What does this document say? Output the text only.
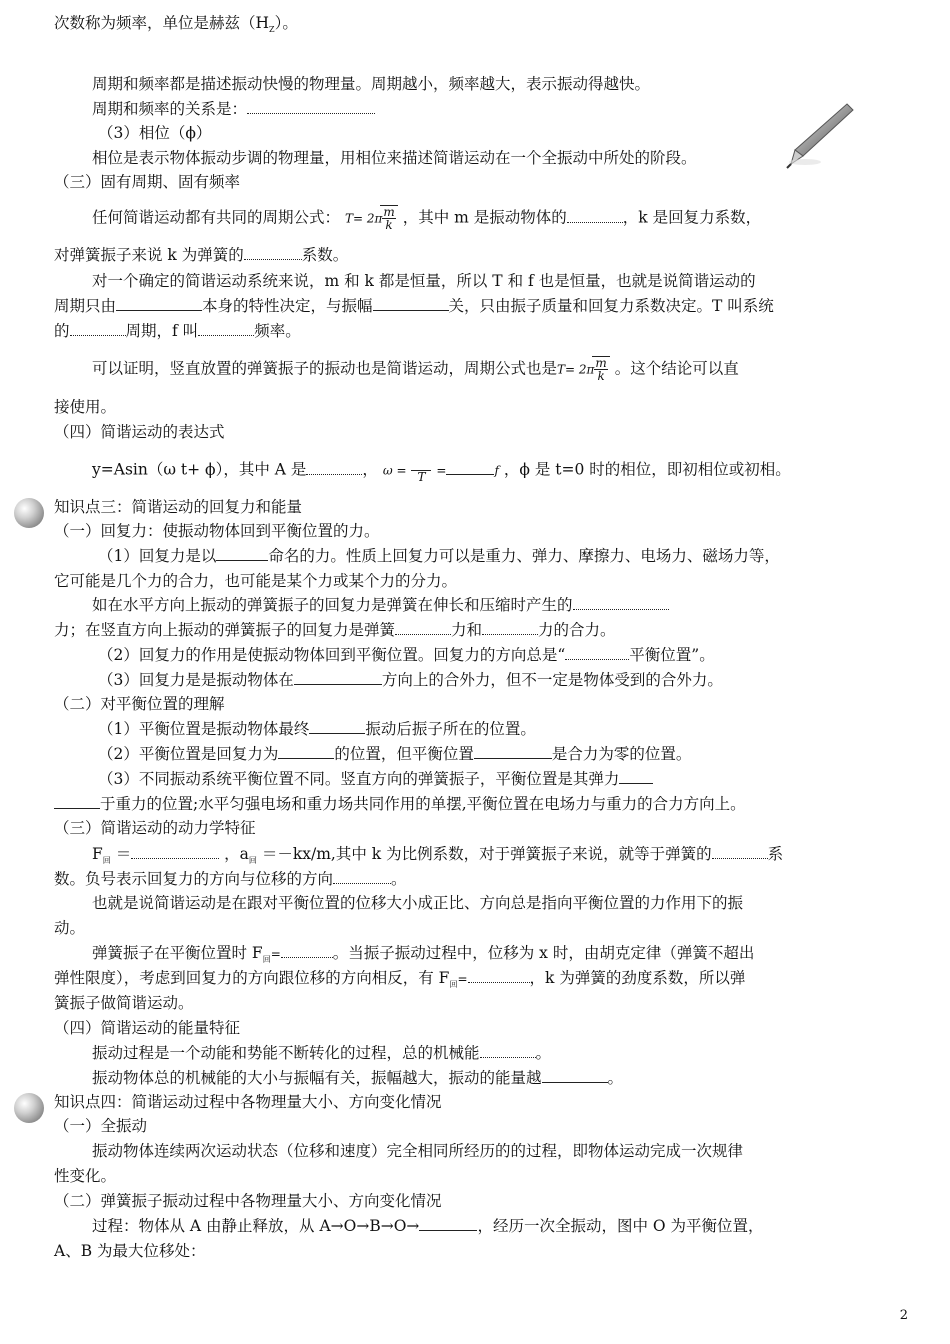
次数称为频率，单位是赫兹$(H_Z)$。
周期和频率都是描述振动快慢的物理量。周期越小，频率越大，表示振动得越快。
周期和频率的关系是：
（3）相位（ϕ）
相位是表示物体振动步调的物理量，用相位来描述简谐运动在一个全振动中所处的阶段。
（三）固有周期、固有频率
任何简谐运动都有共同的周期公式： $T= 2\pi \frac{m}{k}$ ，其中 m 是振动物体的	，k 是回复力系数，
对弹簧振子来说 k 为弹簧的	系数。
对一个确定的简谐运动系统来说，m 和 k 都是恒量，所以 T 和 f 也是恒量，也就是说简谐运动的
周期只由	本身的特性决定，与振幅	关，只由振子质量和回复力系数决定。T 叫系统
的	周期，f 叫	频率。
可以证明，竖直放置的弹簧振子的振动也是简谐运动，周期公式也是$T= 2\pi \frac{m}{k}$ 。这个结论可以直
接使用。
（四）简谐运动的表达式
y=Asin（ω t+ ϕ），其中 A 是	， ω =
T =	f ，ϕ 是 t=0 时的相位，即初相位或初相。
知识点三：简谐运动的回复力和能量
（一）回复力：使振动物体回到平衡位置的力。
（1）回复力是以	命名的力。性质上回复力可以是重力、弹力、摩擦力、电场力、磁场力等，
它可能是几个力的合力，也可能是某个力或某个力的分力。
如在水平方向上振动的弹簧振子的回复力是弹簧在伸长和压缩时产生的
力；在竖直方向上振动的弹簧振子的回复力是弹簧	力和	力的合力。
（2）回复力的作用是使振动物体回到平衡位置。回复力的方向总是“	平衡位置”。
（3）回复力是是振动物体在	方向上的合外力，但不一定是物体受到的合外力。
（二）对平衡位置的理解
（1）平衡位置是振动物体最终	振动后振子所在的位置。
（2）平衡位置是回复力为	的位置，但平衡位置	是合力为零的位置。
（3）不同振动系统平衡位置不同。竖直方向的弹簧振子，平衡位置是其弹力
于重力的位置;水平匀强电场和重力场共同作用的单摆,平衡位置在电场力与重力的合力方向上。
（三）简谐运动的动力学特征
$F_回$ ＝	，$a_回 =-kx/m$,其中 k 为比例系数，对于弹簧振子来说，就等于弹簧的	系
数。负号表示回复力的方向与位移的方向	。
也就是说简谐运动是在跟对平衡位置的位移大小成正比、方向总是指向平衡位置的力作用下的振
动。
弹簧振子在平衡位置时 $F_回=$	。当振子振动过程中，位移为 x 时，由胡克定律（弹簧不超出
弹性限度），考虑到回复力的方向跟位移的方向相反，有 $F_回=$	，k 为弹簧的劲度系数，所以弹
簧振子做简谐运动。
（四）简谐运动的能量特征
振动过程是一个动能和势能不断转化的过程，总的机械能	。
振动物体总的机械能的大小与振幅有关，振幅越大，振动的能量越	。
知识点四：简谐运动过程中各物理量大小、方向变化情况
（一）全振动
振动物体连续两次运动状态（位移和速度）完全相同所经历的的过程，即物体运动完成一次规律
性变化。
（二）弹簧振子振动过程中各物理量大小、方向变化情况
过程：物体从 A 由静止释放，从 A→O→B→O→	，经历一次全振动，图中 O 为平衡位置，
A、B 为最大位移处：
2
